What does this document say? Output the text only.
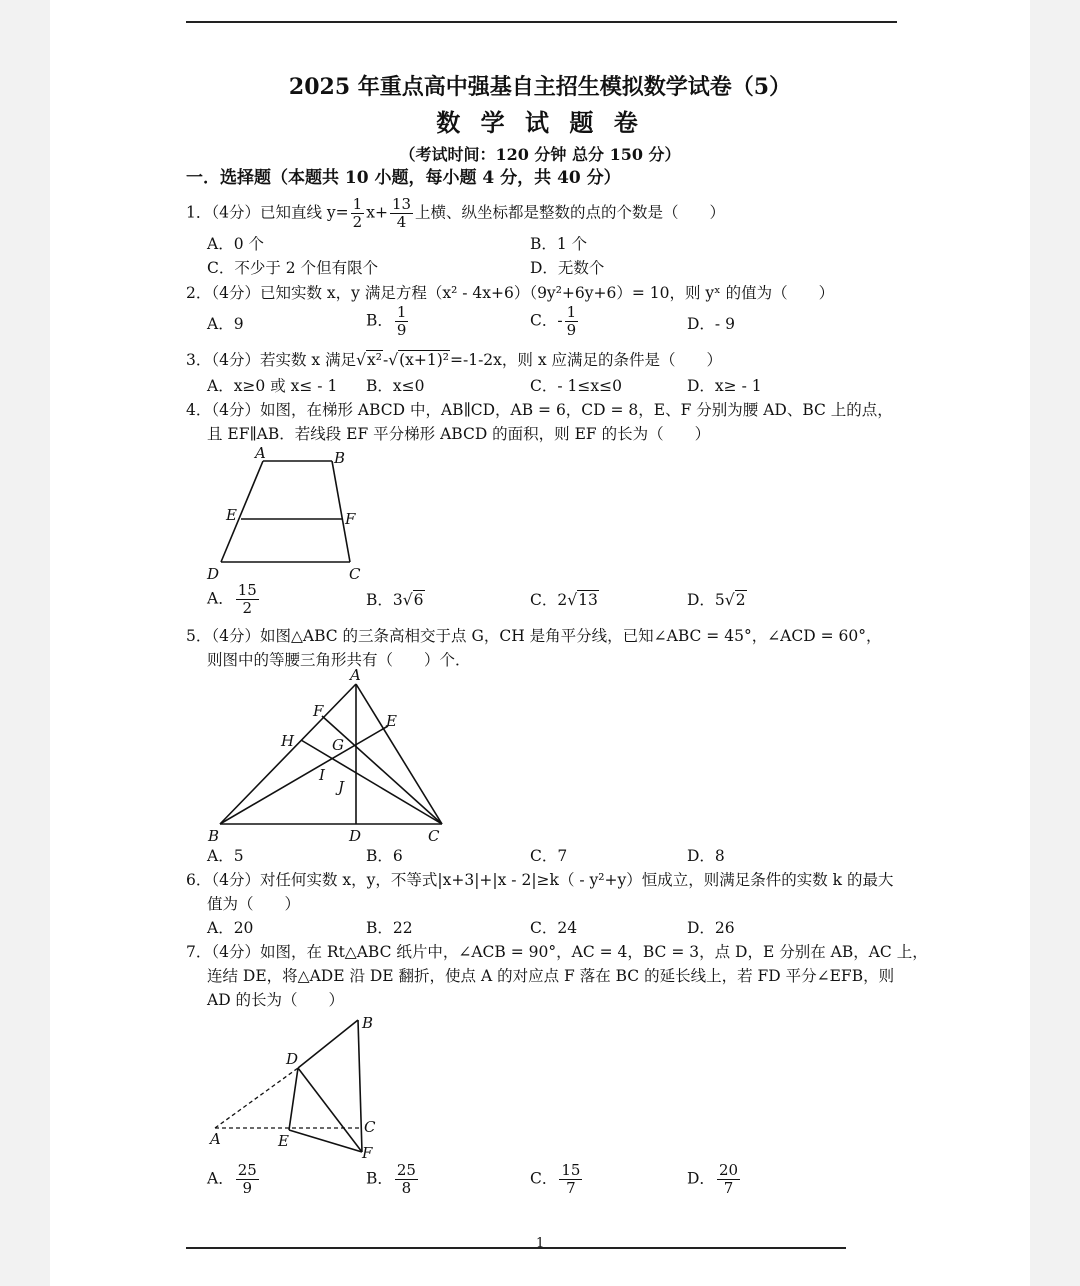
2025 年重点高中强基自主招生模拟数学试卷（5）
数 学 试 题 卷
（考试时间：120 分钟 总分 150 分）
一．选择题（本题共 10 小题，每小题 4 分，共 40 分）
1．（4分）已知直线 $y= \frac{1}{2} x+ \frac{13}{4}$ 上横、纵坐标都是整数的点的个数是（　　）
A．0 个	B．1 个
C．不少于 2 个但有限个	D．无数个
2．（4分）已知实数 x，y 满足方程（x² - 4x+6）（9y²+6y+6）= 10，则 yˣ 的值为（　　）
A．9	B． $\frac{1}{9}$	C．- $\frac{1}{9}$	D．- 9
3．（4分）若实数 x 满足√x²-√(x+1)²=-1-2x，则 x 应满足的条件是（　　）
A．x≥0 或 x≤ - 1 B．x≤0	C．- 1≤x≤0	D．x≥ - 1
4．（4分）如图，在梯形 ABCD 中，AB∥CD，AB = 6，CD = 8，E、F 分别为腰 AD、BC 上的点，
且 EF∥AB．若线段 EF 平分梯形 ABCD 的面积，则 EF 的长为（　　）
A	B
E	F
D	C
A． $\frac{15}{2}$	B．3√6	C．2√13	D．5√2
5．（4分）如图△ABC 的三条高相交于点 G，CH 是角平分线，已知∠ABC = 45°，∠ACD = 60°，
则图中的等腰三角形共有（　　）个．
A
F
E
H	G
I
J
B	D	C
A．5	B．6	C．7	D．8
6．（4分）对任何实数 x，y，不等式|x+3|+|x - 2|≥k（ - y²+y）恒成立，则满足条件的实数 k 的最大
值为（　　）
A．20	B．22	C．24	D．26
7．（4分）如图，在 Rt△ABC 纸片中，∠ACB = 90°，AC = 4，BC = 3，点 D，E 分别在 AB，AC 上，
连结 DE，将△ADE 沿 DE 翻折，使点 A 的对应点 F 落在 BC 的延长线上，若 FD 平分∠EFB，则
AD 的长为（　　）
B
D
C
A	E
F
A． $\frac{25}{9}$	B． $\frac{25}{8}$	C． $\frac{15}{7}$	D． $\frac{20}{7}$
1
